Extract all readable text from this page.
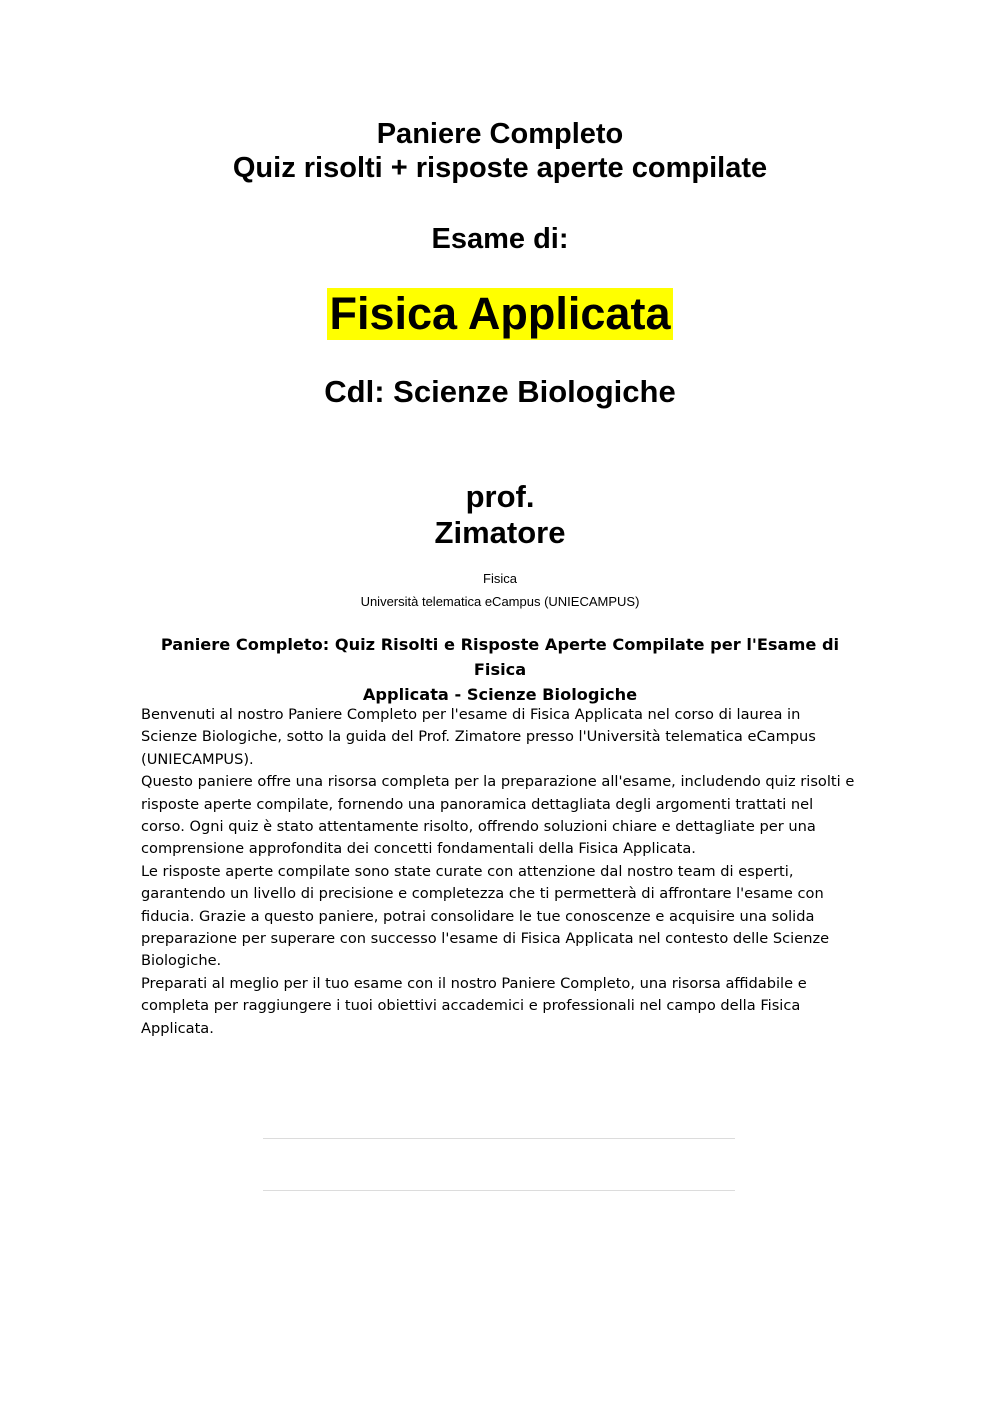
Paniere Completo
Quiz risolti + risposte aperte compilate
Esame di:
Fisica Applicata
Cdl: Scienze Biologiche
prof.
Zimatore
Fisica
Università telematica eCampus (UNIECAMPUS)
Paniere Completo: Quiz Risolti e Risposte Aperte Compilate per l'Esame di Fisica
Applicata - Scienze Biologiche

Benvenuti al nostro Paniere Completo per l'esame di Fisica Applicata nel corso di laurea in Scienze Biologiche, sotto la guida del Prof. Zimatore presso l'Università telematica eCampus (UNIECAMPUS).

Questo paniere offre una risorsa completa per la preparazione all'esame, includendo quiz risolti e risposte aperte compilate, fornendo una panoramica dettagliata degli argomenti trattati nel corso. Ogni quiz è stato attentamente risolto, offrendo soluzioni chiare e dettagliate per una comprensione approfondita dei concetti fondamentali della Fisica Applicata.

Le risposte aperte compilate sono state curate con attenzione dal nostro team di esperti, garantendo un livello di precisione e completezza che ti permetterà di affrontare l'esame con fiducia. Grazie a questo paniere, potrai consolidare le tue conoscenze e acquisire una solida preparazione per superare con successo l'esame di Fisica Applicata nel contesto delle Scienze Biologiche.

Preparati al meglio per il tuo esame con il nostro Paniere Completo, una risorsa affidabile e completa per raggiungere i tuoi obiettivi accademici e professionali nel campo della Fisica Applicata.
